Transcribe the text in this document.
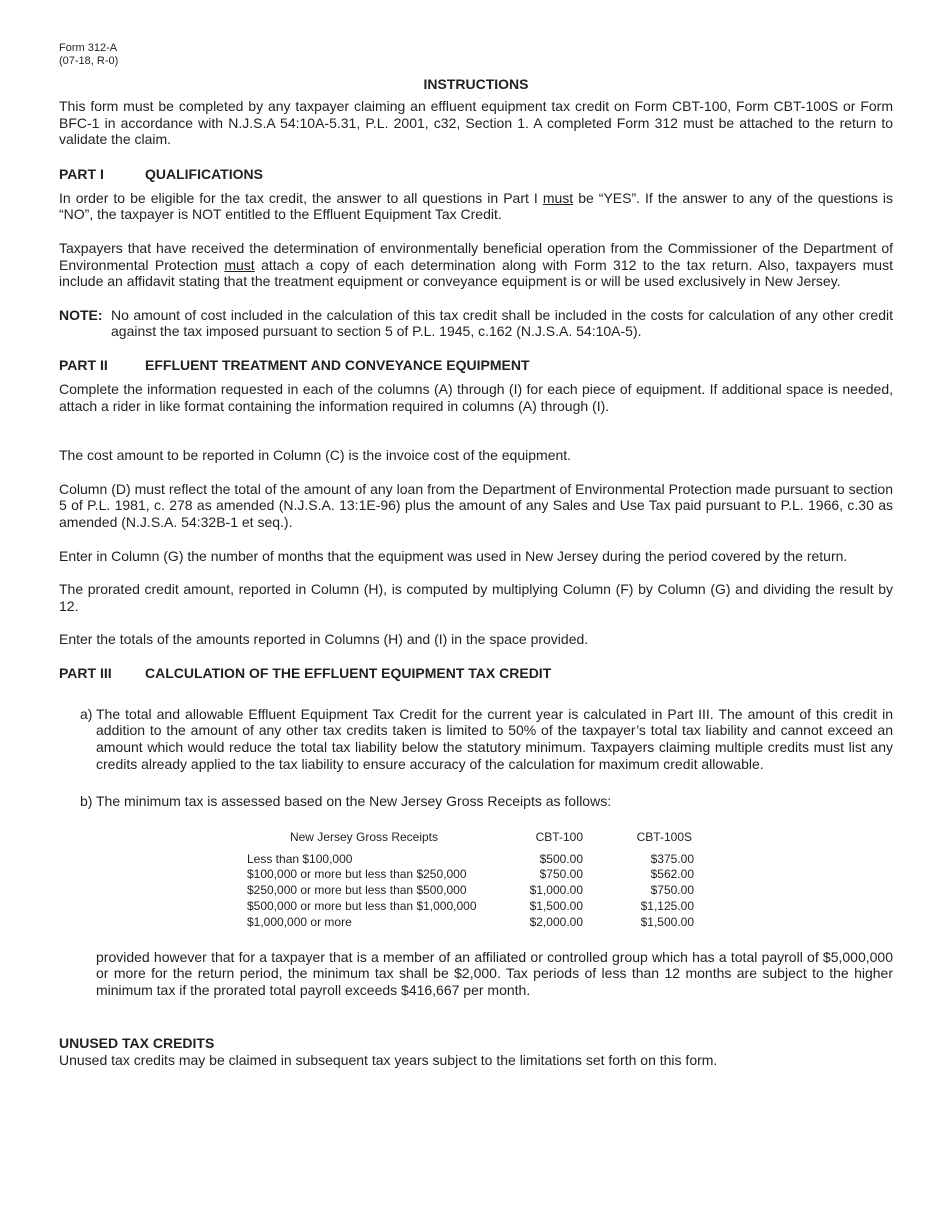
Form 312-A
(07-18, R-0)
INSTRUCTIONS

This form must be completed by any taxpayer claiming an effluent equipment tax credit on Form CBT-100, Form CBT-100S or Form BFC-1 in accordance with N.J.S.A 54:10A-5.31, P.L. 2001, c32, Section 1. A completed Form 312 must be attached to the return to validate the claim.

PART I	QUALIFICATIONS

In order to be eligible for the tax credit, the answer to all questions in Part I must be “YES”. If the answer to any of the questions is “NO”, the taxpayer is NOT entitled to the Effluent Equipment Tax Credit.

Taxpayers that have received the determination of environmentally beneficial operation from the Commissioner of the Department of Environmental Protection must attach a copy of each determination along with Form 312 to the tax return. Also, taxpayers must include an affidavit stating that the treatment equipment or conveyance equipment is or will be used exclusively in New Jersey.

NOTE: No amount of cost included in the calculation of this tax credit shall be included in the costs for calculation of any other credit against the tax imposed pursuant to section 5 of P.L. 1945, c.162 (N.J.S.A. 54:10A-5).
PART II	EFFLUENT TREATMENT AND CONVEYANCE EQUIPMENT

Complete the information requested in each of the columns (A) through (I) for each piece of equipment. If additional space is needed, attach a rider in like format containing the information required in columns (A) through (I).

The cost amount to be reported in Column (C) is the invoice cost of the equipment.

Column (D) must reflect the total of the amount of any loan from the Department of Environmental Protection made pursuant to section 5 of P.L. 1981, c. 278 as amended (N.J.S.A. 13:1E-96) plus the amount of any Sales and Use Tax paid pursuant to P.L. 1966, c.30 as amended (N.J.S.A. 54:32B-1 et seq.).

Enter in Column (G) the number of months that the equipment was used in New Jersey during the period covered by the return.

The prorated credit amount, reported in Column (H), is computed by multiplying Column (F) by Column (G) and dividing the result by 12.

Enter the totals of the amounts reported in Columns (H) and (I) in the space provided.

PART III	CALCULATION OF THE EFFLUENT EQUIPMENT TAX CREDIT
a) The total and allowable Effluent Equipment Tax Credit for the current year is calculated in Part III. The amount of this credit in addition to the amount of any other tax credits taken is limited to 50% of the taxpayer’s total tax liability and cannot exceed an amount which would reduce the total tax liability below the statutory minimum. Taxpayers claiming multiple credits must list any credits already applied to the tax liability to ensure accuracy of the calculation for maximum credit allowable.
b) The minimum tax is assessed based on the New Jersey Gross Receipts as follows:
New Jersey Gross Receipts	CBT-100	CBT-100S
Less than $100,000	$500.00	$375.00
$100,000 or more but less than $250,000	$750.00	$562.00
$250,000 or more but less than $500,000	$1,000.00	$750.00
$500,000 or more but less than $1,000,000	$1,500.00	$1,125.00
$1,000,000 or more	$2,000.00	$1,500.00

provided however that for a taxpayer that is a member of an affiliated or controlled group which has a total payroll of $5,000,000 or more for the return period, the minimum tax shall be $2,000. Tax periods of less than 12 months are subject to the higher minimum tax if the prorated total payroll exceeds $416,667 per month.

UNUSED TAX CREDITS

Unused tax credits may be claimed in subsequent tax years subject to the limitations set forth on this form.
